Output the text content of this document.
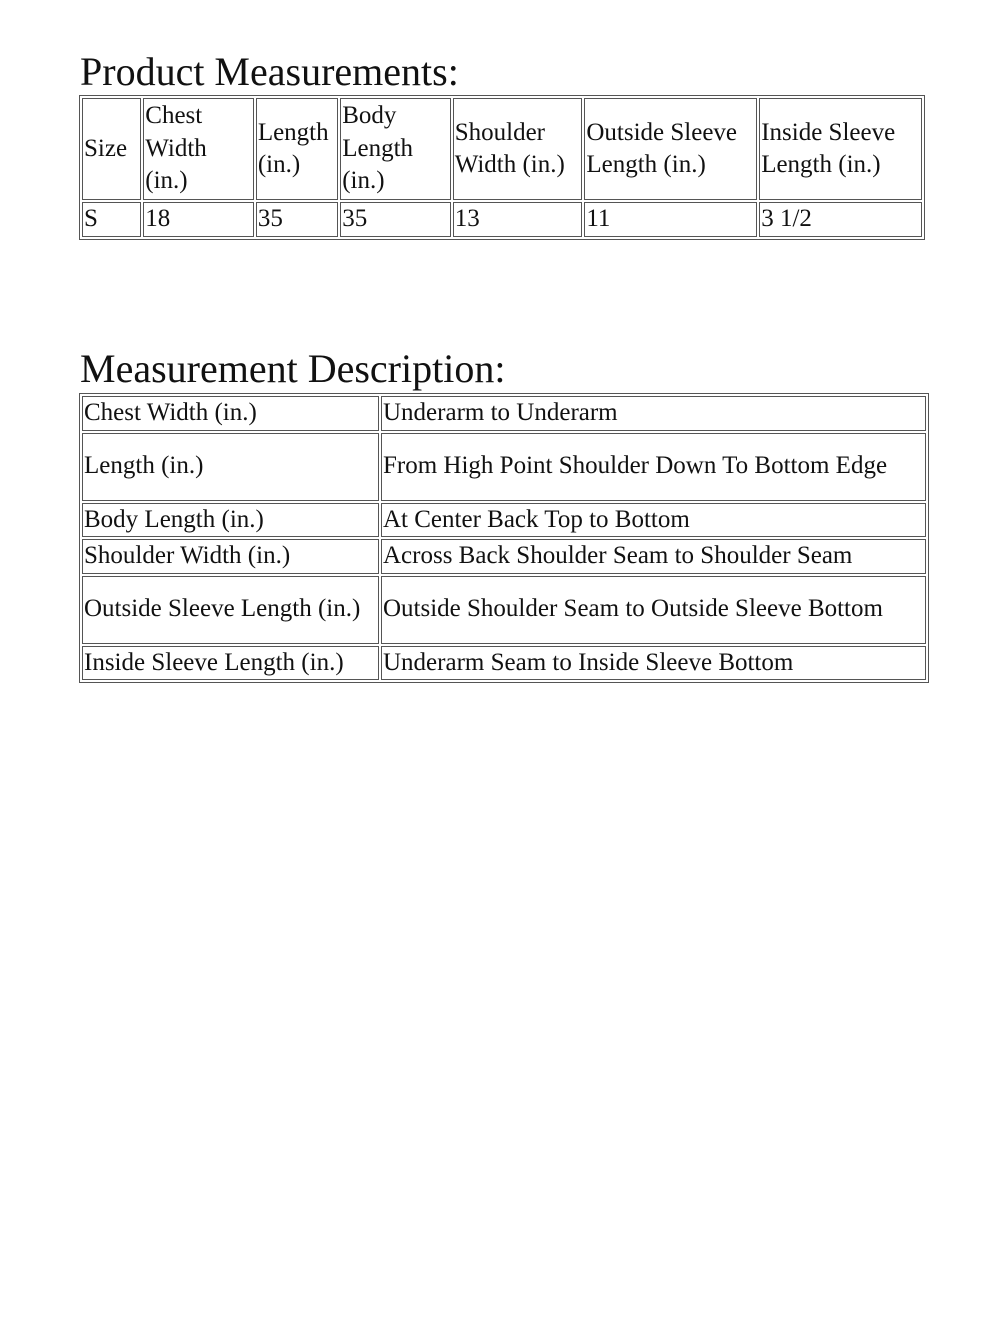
Product Measurements:
Size	Chest Width (in.)	Length (in.)	Body Length (in.)	Shoulder Width (in.)	Outside Sleeve Length (in.)	Inside Sleeve Length (in.)
S	18	35	35	13	11	3 1/2
Measurement Description:
Chest Width (in.)	Underarm to Underarm
Length (in.)	From High Point Shoulder Down To Bottom Edge
Body Length (in.)	At Center Back Top to Bottom
Shoulder Width (in.)	Across Back Shoulder Seam to Shoulder Seam
Outside Sleeve Length (in.)	Outside Shoulder Seam to Outside Sleeve Bottom
Inside Sleeve Length (in.)	Underarm Seam to Inside Sleeve Bottom
